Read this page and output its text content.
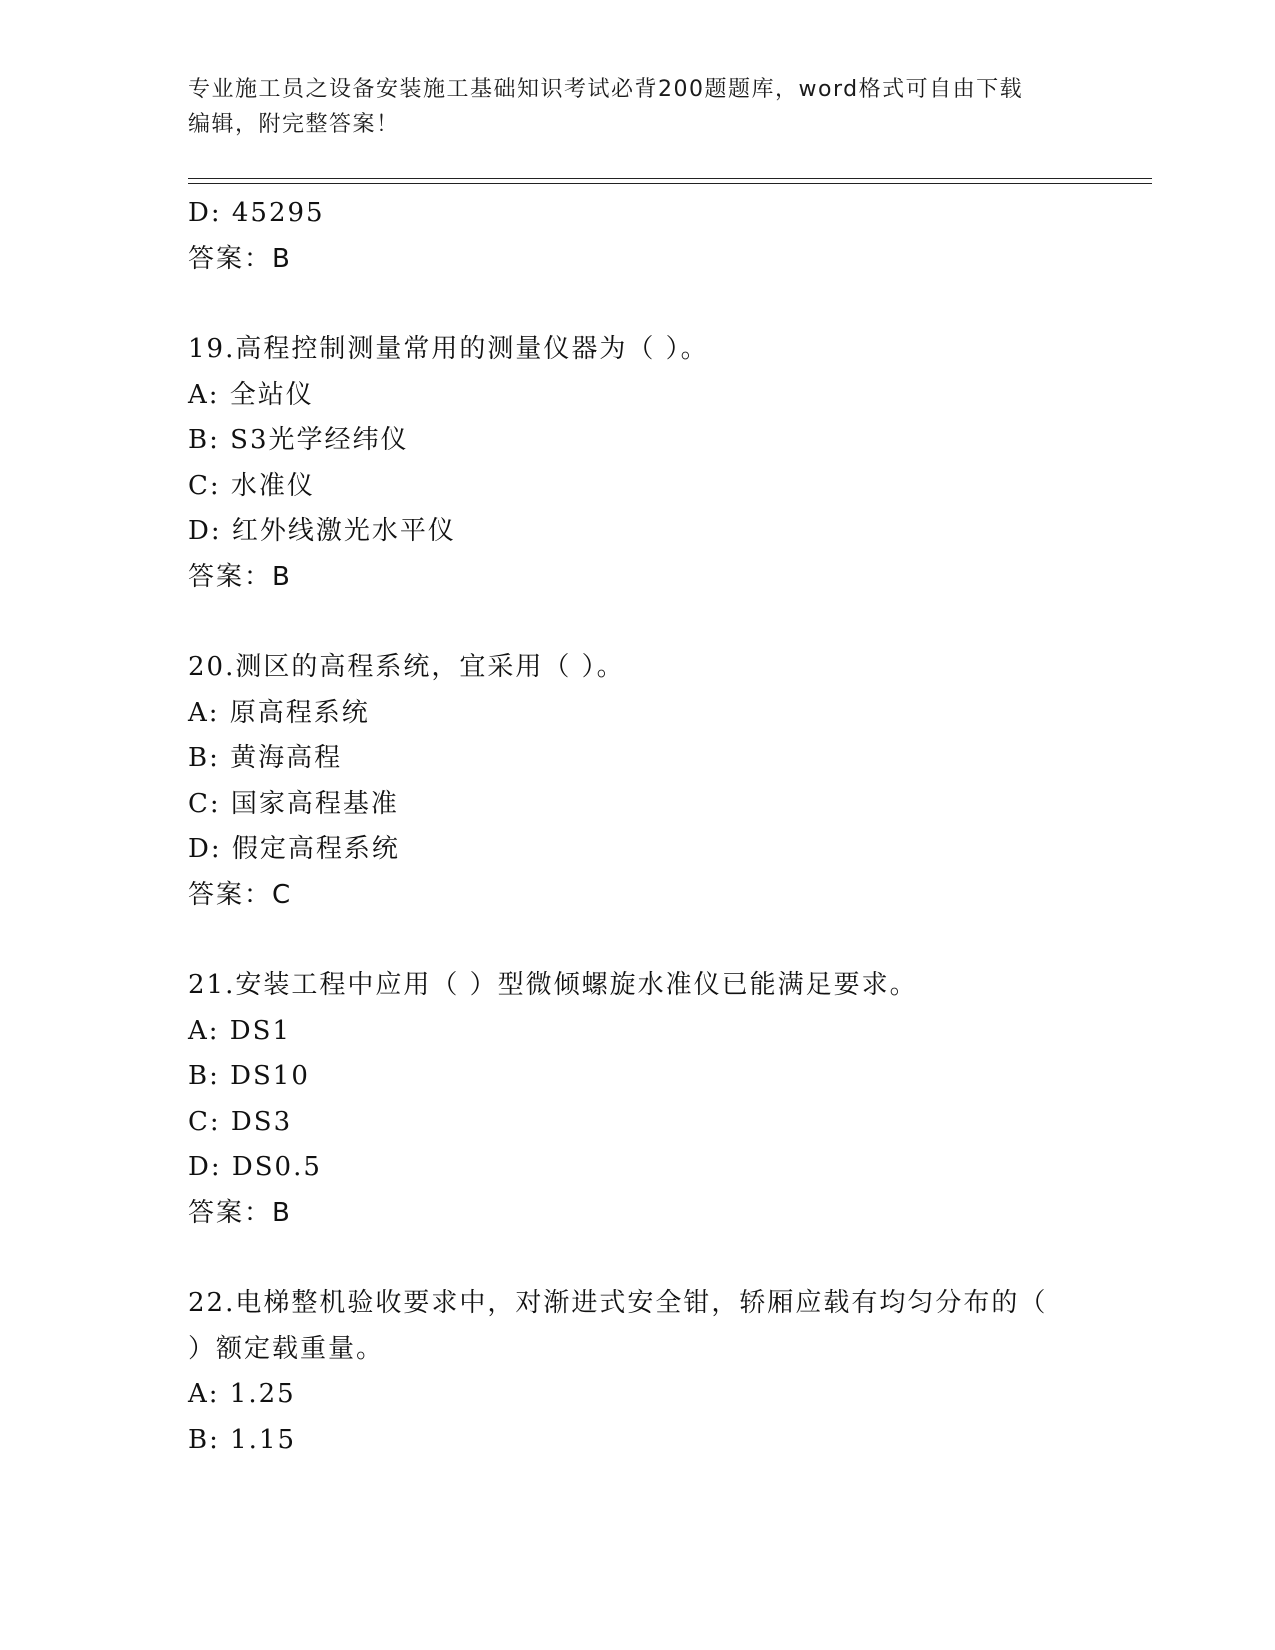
专业施工员之设备安装施工基础知识考试必背200题题库，word格式可自由下载
编辑，附完整答案！
D: 45295
答案：B
19.高程控制测量常用的测量仪器为（ ）。
A: 全站仪
B: S3光学经纬仪
C: 水准仪
D: 红外线激光水平仪
答案：B
20.测区的高程系统，宜采用（ ）。
A: 原高程系统
B: 黄海高程
C: 国家高程基准
D: 假定高程系统
答案：C
21.安装工程中应用（ ）型微倾螺旋水准仪已能满足要求。
A: DS1
B: DS10
C: DS3
D: DS0.5
答案：B
22.电梯整机验收要求中，对渐进式安全钳，轿厢应载有均匀分布的（
）额定载重量。
A: 1.25
B: 1.15
